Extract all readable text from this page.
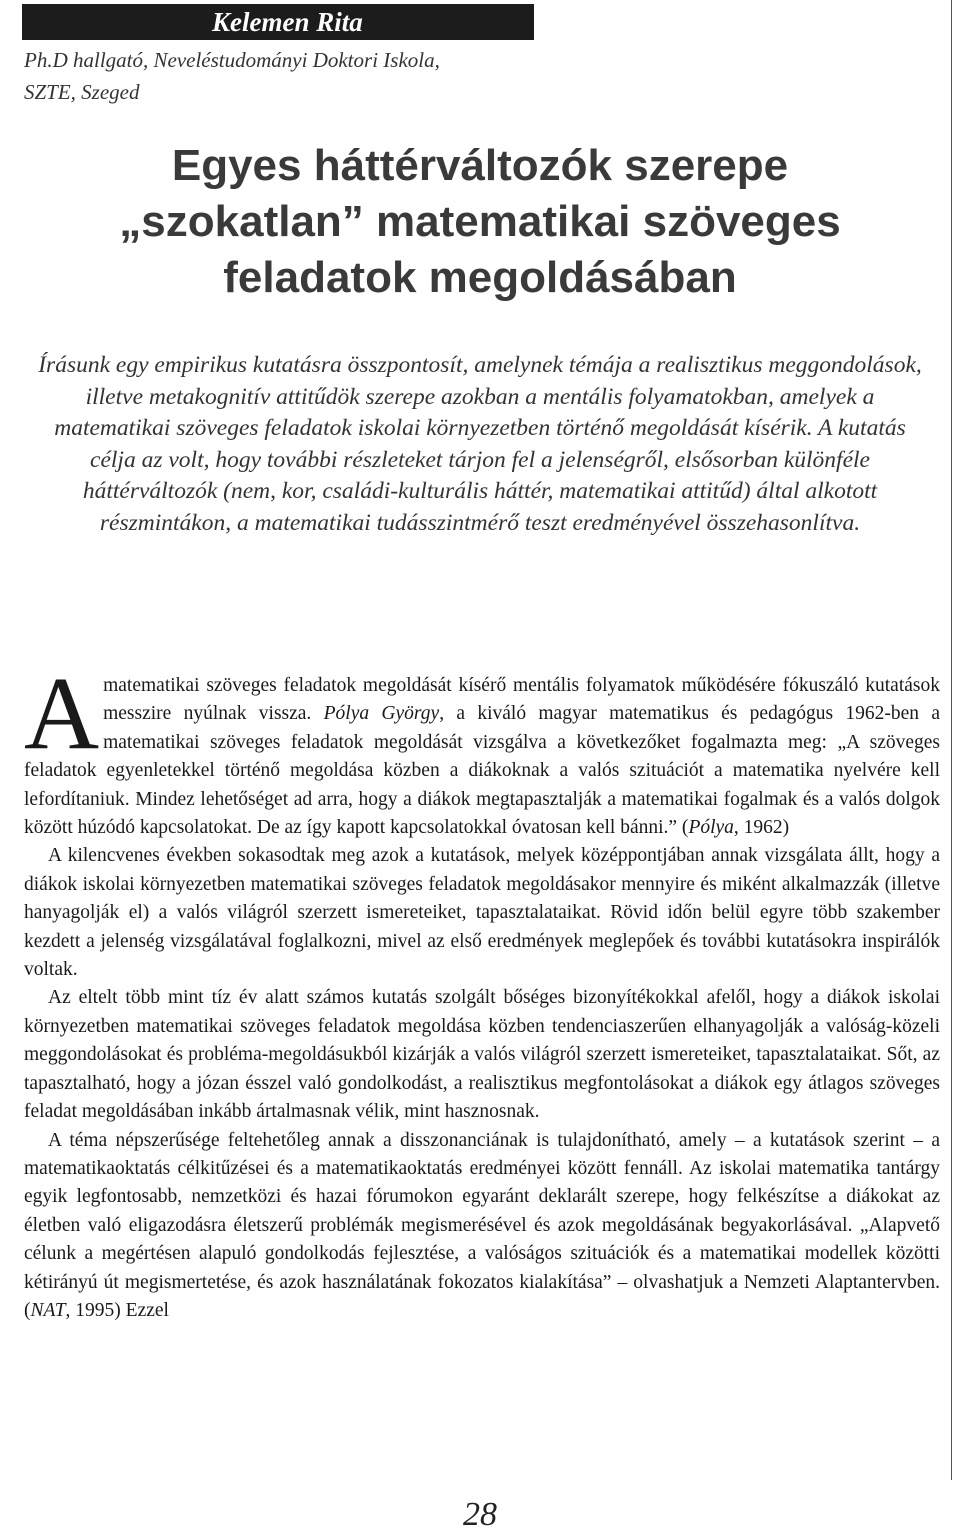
Kelemen Rita
Ph.D hallgató, Neveléstudományi Doktori Iskola,
SZTE, Szeged
Egyes háttérváltozók szerepe
„szokatlan” matematikai szöveges
feladatok megoldásában

Írásunk egy empirikus kutatásra összpontosít, amelynek témája a realisztikus meggondolások, illetve metakognitív attitűdök szerepe azokban a mentális folyamatokban, amelyek a matematikai szöveges feladatok iskolai környezetben történő megoldását kísérik. A kutatás célja az volt, hogy további részleteket tárjon fel a jelenségről, elsősorban különféle háttérváltozók (nem, kor, családi-kulturális háttér, matematikai attitűd) által alkotott részmintákon, a matematikai tudásszintmérő teszt eredményével összehasonlítva.

A matematikai szöveges feladatok megoldását kísérő mentális folyamatok működésére fókuszáló kutatások messzire nyúlnak vissza. Pólya György, a kiváló magyar matematikus és pedagógus 1962-ben a matematikai szöveges feladatok megoldását vizsgálva a következőket fogalmazta meg: „A szöveges feladatok egyenletekkel történő megoldása közben a diákoknak a valós szituációt a matematika nyelvére kell lefordítaniuk. Mindez lehetőséget ad arra, hogy a diákok megtapasztalják a matematikai fogalmak és a valós dolgok között húzódó kapcsolatokat. De az így kapott kapcsolatokkal óvatosan kell bánni.” (Pólya, 1962)

A kilencvenes években sokasodtak meg azok a kutatások, melyek középpontjában annak vizsgálata állt, hogy a diákok iskolai környezetben matematikai szöveges feladatok megoldásakor mennyire és miként alkalmazzák (illetve hanyagolják el) a valós világról szerzett ismereteiket, tapasztalataikat. Rövid időn belül egyre több szakember kezdett a jelenség vizsgálatával foglalkozni, mivel az első eredmények meglepőek és további kutatásokra inspirálók voltak.

Az eltelt több mint tíz év alatt számos kutatás szolgált bőséges bizonyítékokkal afelől, hogy a diákok iskolai környezetben matematikai szöveges feladatok megoldása közben tendenciaszerűen elhanyagolják a valóság-közeli meggondolásokat és probléma-megoldásukból kizárják a valós világról szerzett ismereteiket, tapasztalataikat. Sőt, az tapasztalható, hogy a józan ésszel való gondolkodást, a realisztikus megfontolásokat a diákok egy átlagos szöveges feladat megoldásában inkább ártalmasnak vélik, mint hasznosnak.

A téma népszerűsége feltehetőleg annak a disszonanciának is tulajdonítható, amely – a kutatások szerint – a matematikaoktatás célkitűzései és a matematikaoktatás eredményei között fennáll. Az iskolai matematika tantárgy egyik legfontosabb, nemzetközi és hazai fórumokon egyaránt deklarált szerepe, hogy felkészítse a diákokat az életben való eligazodásra életszerű problémák megismerésével és azok megoldásának begyakorlásával. „Alapvető célunk a megértésen alapuló gondolkodás fejlesztése, a valóságos szituációk és a matematikai modellek közötti kétirányú út megismertetése, és azok használatának fokozatos kialakítása” – olvashatjuk a Nemzeti Alaptantervben. (NAT, 1995) Ezzel

28
